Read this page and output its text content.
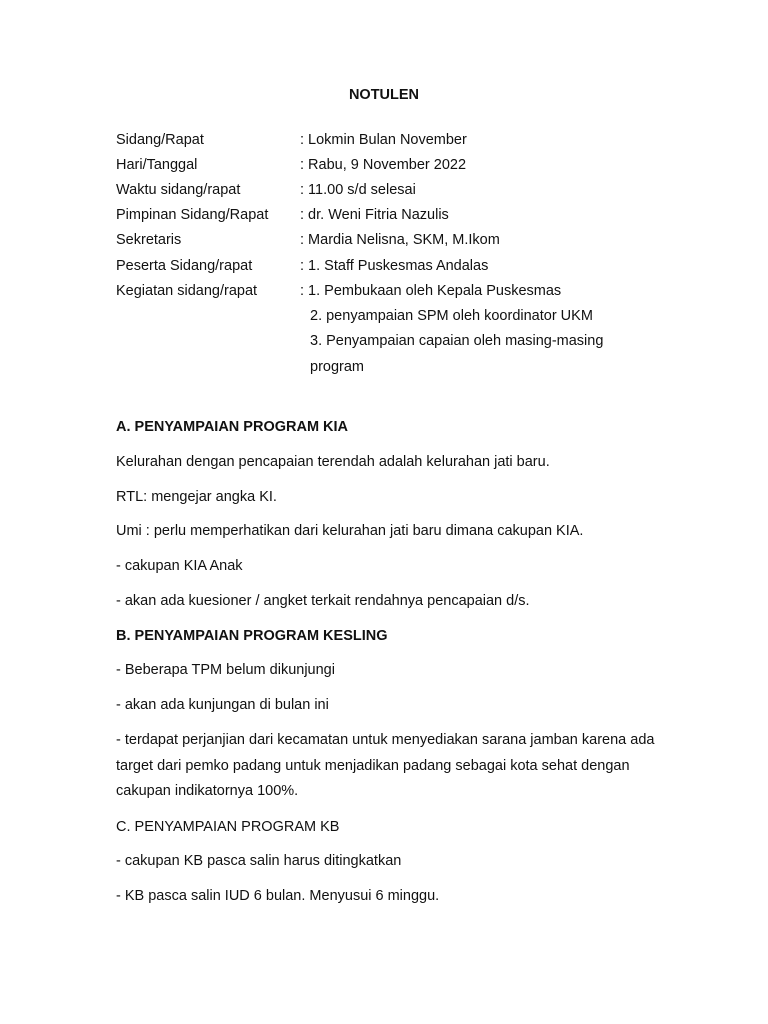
NOTULEN
Sidang/Rapat	: Lokmin Bulan November
Hari/Tanggal	: Rabu, 9 November 2022
Waktu sidang/rapat	: 11.00 s/d selesai
Pimpinan Sidang/Rapat : dr. Weni Fitria Nazulis
Sekretaris	: Mardia Nelisna, SKM, M.Ikom
Peserta Sidang/rapat	: 1. Staff Puskesmas Andalas
Kegiatan sidang/rapat	: 1. Pembukaan oleh Kepala Puskesmas
2. penyampaian SPM oleh koordinator UKM
3. Penyampaian capaian oleh masing-masing
program
A. PENYAMPAIAN PROGRAM KIA
Kelurahan dengan pencapaian terendah adalah kelurahan jati baru.
RTL: mengejar angka KI.
Umi : perlu memperhatikan dari kelurahan jati baru dimana cakupan KIA.
- cakupan KIA Anak
- akan ada kuesioner / angket terkait rendahnya pencapaian d/s.
B. PENYAMPAIAN PROGRAM KESLING
- Beberapa TPM belum dikunjungi
- akan ada kunjungan di bulan ini
- terdapat perjanjian dari kecamatan untuk menyediakan sarana jamban karena ada target dari pemko padang untuk menjadikan padang sebagai kota sehat dengan cakupan indikatornya 100%.
C. PENYAMPAIAN PROGRAM KB
- cakupan KB pasca salin harus ditingkatkan
- KB pasca salin IUD 6 bulan. Menyusui 6 minggu.
